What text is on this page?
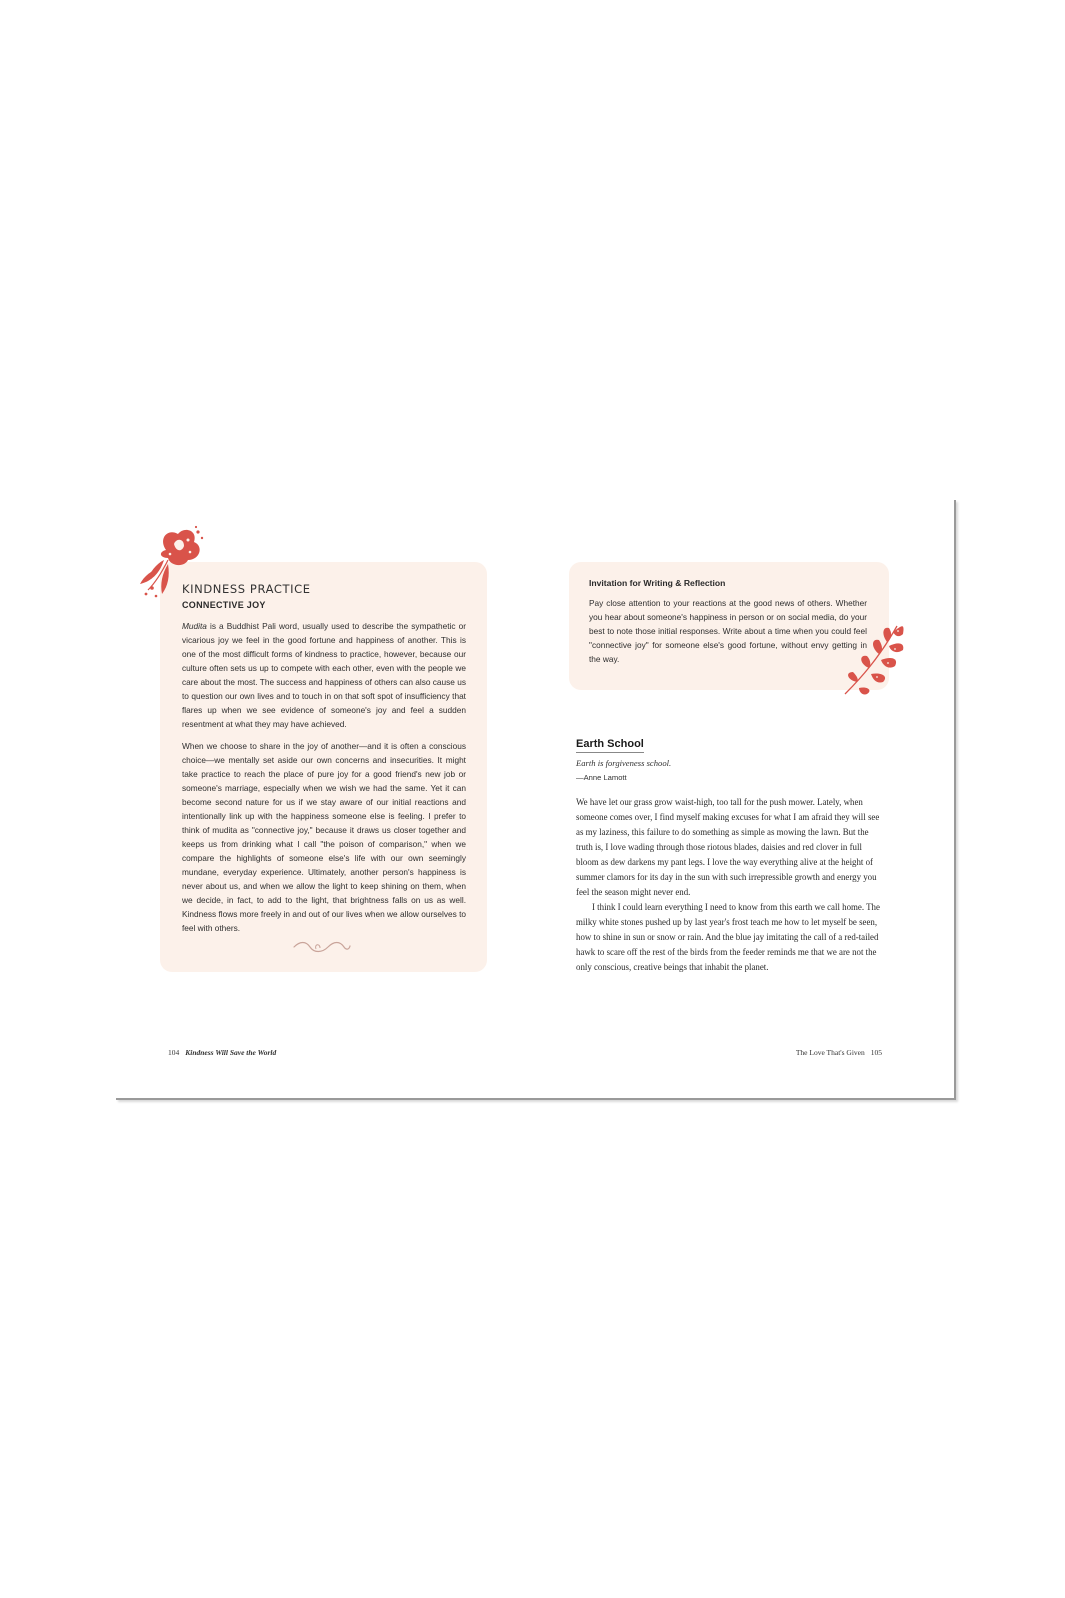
KINDNESS PRACTICE
CONNECTIVE JOY

Mudita is a Buddhist Pali word, usually used to describe the sympathetic or vicarious joy we feel in the good fortune and happiness of another. This is one of the most difficult forms of kindness to practice, however, because our culture often sets us up to compete with each other, even with the people we care about the most. The success and happiness of others can also cause us to question our own lives and to touch in on that soft spot of insufficiency that flares up when we see evidence of someone's joy and feel a sudden resentment at what they may have achieved.

When we choose to share in the joy of another—and it is often a conscious choice—we mentally set aside our own concerns and insecurities. It might take practice to reach the place of pure joy for a good friend's new job or someone's marriage, especially when we wish we had the same. Yet it can become second nature for us if we stay aware of our initial reactions and intentionally link up with the happiness someone else is feeling. I prefer to think of mudita as "connective joy," because it draws us closer together and keeps us from drinking what I call "the poison of comparison," when we compare the highlights of someone else's life with our own seemingly mundane, everyday experience. Ultimately, another person's happiness is never about us, and when we allow the light to keep shining on them, when we decide, in fact, to add to the light, that brightness falls on us as well. Kindness flows more freely in and out of our lives when we allow ourselves to feel with others.

104 Kindness Will Save the World
Invitation for Writing & Reflection
Pay close attention to your reactions at the good news of others. Whether you hear about someone's happiness in person or on social media, do your best to note those initial responses. Write about a time when you could feel "connective joy" for someone else's good fortune, without envy getting in the way.
Earth School
Earth is forgiveness school.
—Anne Lamott

We have let our grass grow waist-high, too tall for the push mower. Lately, when someone comes over, I find myself making excuses for what I am afraid they will see as my laziness, this failure to do something as simple as mowing the lawn. But the truth is, I love wading through those riotous blades, daisies and red clover in full bloom as dew darkens my pant legs. I love the way everything alive at the height of summer clamors for its day in the sun with such irrepressible growth and energy you feel the season might never end.

I think I could learn everything I need to know from this earth we call home. The milky white stones pushed up by last year's frost teach me how to let myself be seen, how to shine in sun or snow or rain. And the blue jay imitating the call of a red-tailed hawk to scare off the rest of the birds from the feeder reminds me that we are not the only conscious, creative beings that inhabit the planet.

The Love That's Given 105
